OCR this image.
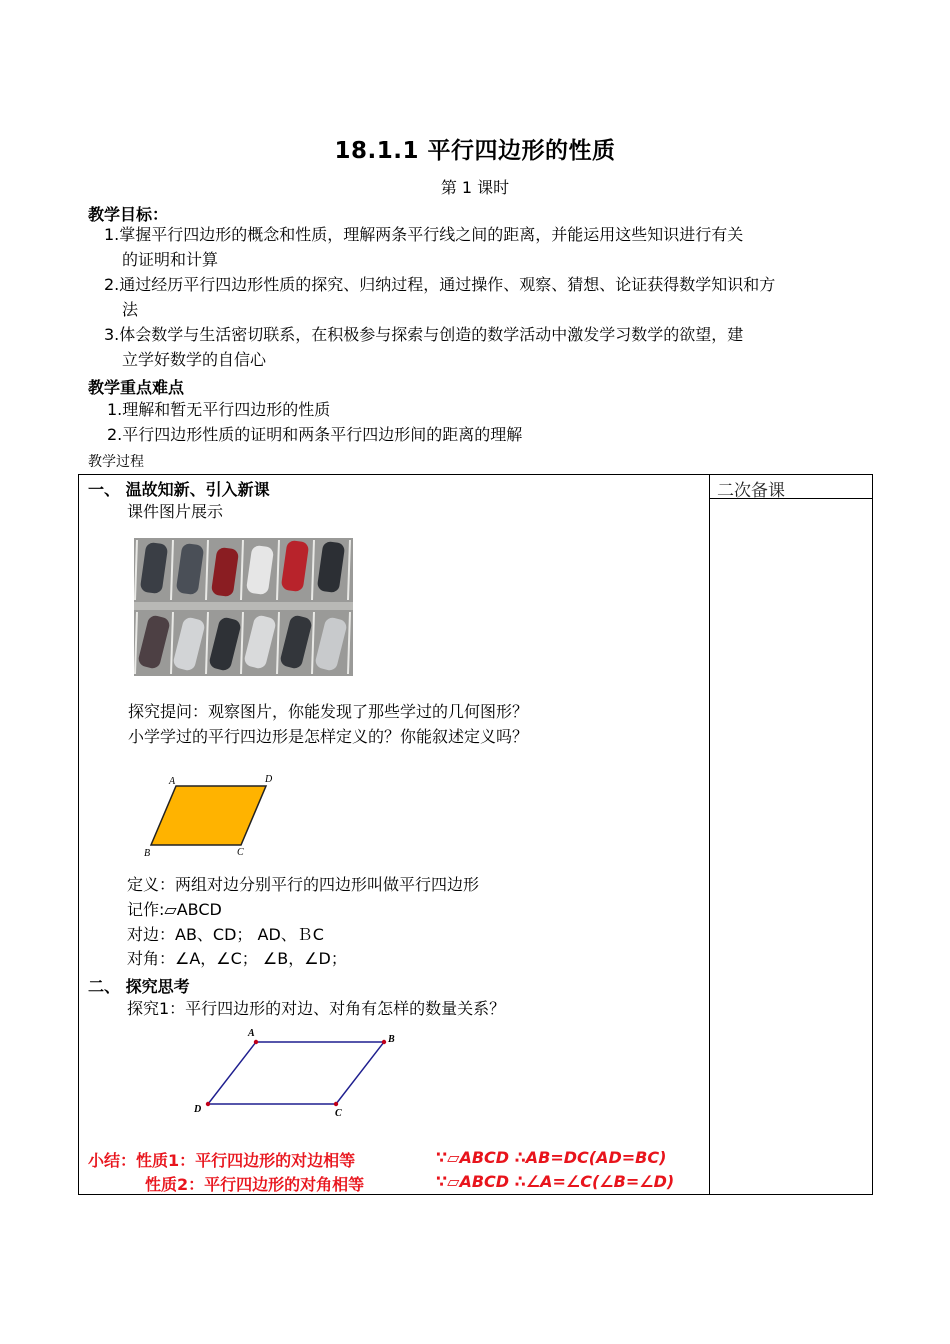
18.1.1 平行四边形的性质
第 1 课时
教学目标：
1.掌握平行四边形的概念和性质，理解两条平行线之间的距离，并能运用这些知识进行有关
的证明和计算
2.通过经历平行四边形性质的探究、归纳过程，通过操作、观察、猜想、论证获得数学知识和方
法
3.体会数学与生活密切联系，在积极参与探索与创造的数学活动中激发学习数学的欲望，建
立学好数学的自信心
教学重点难点
1.理解和暂无平行四边形的性质
2.平行四边形性质的证明和两条平行四边形间的距离的理解
教学过程
二次备课
一、 温故知新、引入新课
课件图片展示
探究提问：观察图片，你能发现了那些学过的几何图形？
小学学过的平行四边形是怎样定义的？你能叙述定义吗？
A	D
B	C
定义：两组对边分别平行的四边形叫做平行四边形
记作:▱ABCD
对边：AB、CD； AD、ＢC
对角：∠A，∠C； ∠B，∠D；
二、 探究思考
探究1：平行四边形的对边、对角有怎样的数量关系？
A
B
C
D
小结：性质1：平行四边形的对边相等	∵▱ABCD ∴AB=DC(AD=BC)
性质2：平行四边形的对角相等	∵▱ABCD ∴∠A=∠C(∠B=∠D)
